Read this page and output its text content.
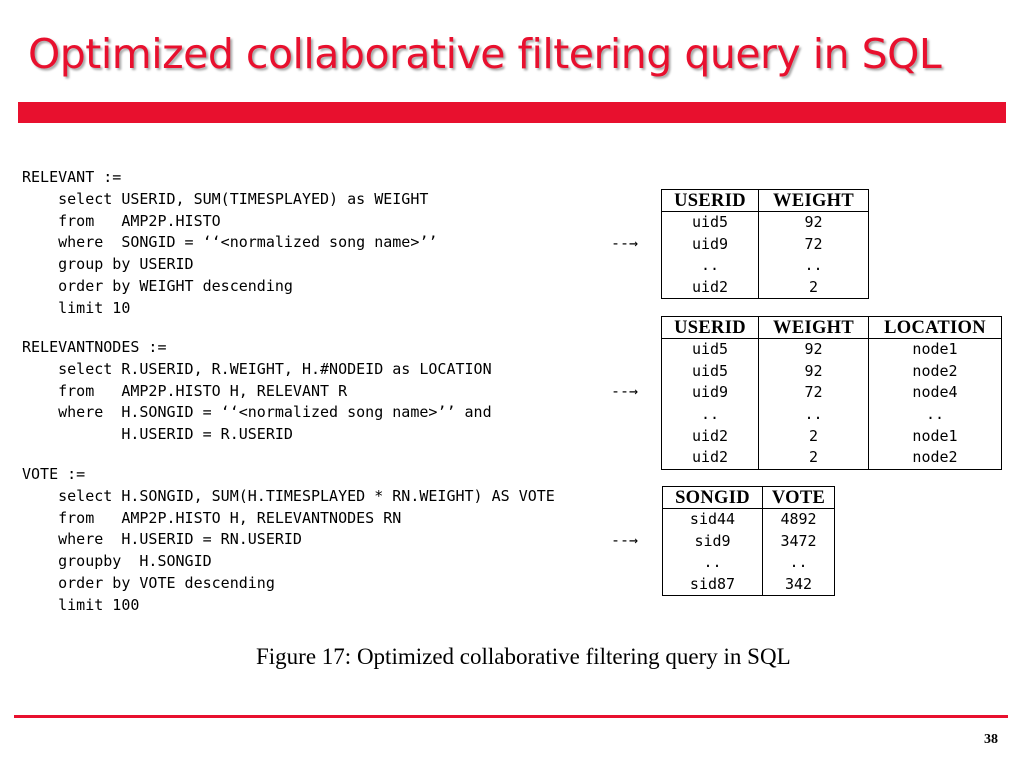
Optimized collaborative filtering query in SQL
RELEVANT :=
select USERID, SUM(TIMESPLAYED) as WEIGHT
from   AMP2P.HISTO
where  SONGID = ‘‘<normalized song name>’’
group by USERID
order by WEIGHT descending
limit 10
--→
USERID	WEIGHT
uid5	92
uid9	72
..	..
uid2	2
RELEVANTNODES :=
select R.USERID, R.WEIGHT, H.#NODEID as LOCATION
from   AMP2P.HISTO H, RELEVANT R
where  H.SONGID = ‘‘<normalized song name>’’ and
H.USERID = R.USERID
--→
USERID	WEIGHT	LOCATION
uid5	92	node1
uid5	92	node2
uid9	72	node4
..	..	..
uid2	2	node1
uid2	2	node2
VOTE :=
select H.SONGID, SUM(H.TIMESPLAYED * RN.WEIGHT) AS VOTE
from   AMP2P.HISTO H, RELEVANTNODES RN
where  H.USERID = RN.USERID
groupby  H.SONGID
order by VOTE descending
limit 100
--→
SONGID	VOTE
sid44	4892
sid9	3472
..	..
sid87	342

Figure 17: Optimized collaborative filtering query in SQL

38
